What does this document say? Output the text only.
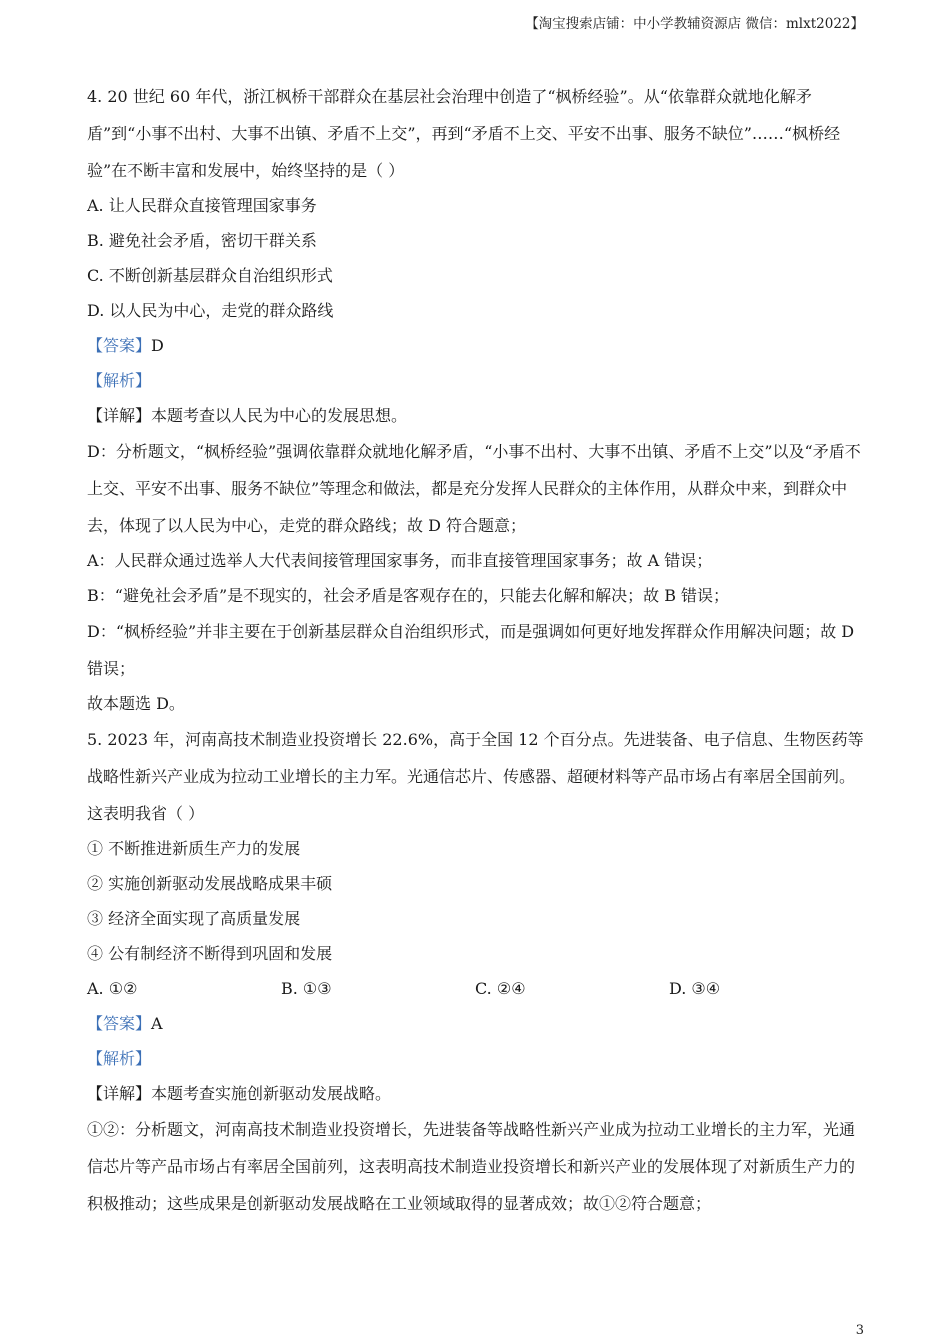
【淘宝搜索店铺：中小学教辅资源店 微信：mlxt2022】
4. 20 世纪 60 年代，浙江枫桥干部群众在基层社会治理中创造了“枫桥经验”。从“依靠群众就地化解矛盾”到“小事不出村、大事不出镇、矛盾不上交”，再到“矛盾不上交、平安不出事、服务不缺位”……“枫桥经验”在不断丰富和发展中，始终坚持的是（ ）
A. 让人民群众直接管理国家事务
B. 避免社会矛盾，密切干群关系
C. 不断创新基层群众自治组织形式
D. 以人民为中心，走党的群众路线
【答案】D
【解析】
【详解】本题考查以人民为中心的发展思想。
D：分析题文，“枫桥经验”强调依靠群众就地化解矛盾，“小事不出村、大事不出镇、矛盾不上交”以及“矛盾不上交、平安不出事、服务不缺位”等理念和做法，都是充分发挥人民群众的主体作用，从群众中来，到群众中去，体现了以人民为中心，走党的群众路线；故 D 符合题意；
A：人民群众通过选举人大代表间接管理国家事务，而非直接管理国家事务；故 A 错误；
B：“避免社会矛盾”是不现实的，社会矛盾是客观存在的，只能去化解和解决；故 B 错误；
D：“枫桥经验”并非主要在于创新基层群众自治组织形式，而是强调如何更好地发挥群众作用解决问题；故 D 错误；
故本题选 D。
5. 2023 年，河南高技术制造业投资增长 22.6%，高于全国 12 个百分点。先进装备、电子信息、生物医药等战略性新兴产业成为拉动工业增长的主力军。光通信芯片、传感器、超硬材料等产品市场占有率居全国前列。这表明我省（ ）
① 不断推进新质生产力的发展
② 实施创新驱动发展战略成果丰硕
③ 经济全面实现了高质量发展
④ 公有制经济不断得到巩固和发展
A. ①②	B. ①③	C. ②④	D. ③④
【答案】A
【解析】
【详解】本题考查实施创新驱动发展战略。
①②：分析题文，河南高技术制造业投资增长，先进装备等战略性新兴产业成为拉动工业增长的主力军，光通信芯片等产品市场占有率居全国前列，这表明高技术制造业投资增长和新兴产业的发展体现了对新质生产力的积极推动；这些成果是创新驱动发展战略在工业领域取得的显著成效；故①②符合题意；
3
